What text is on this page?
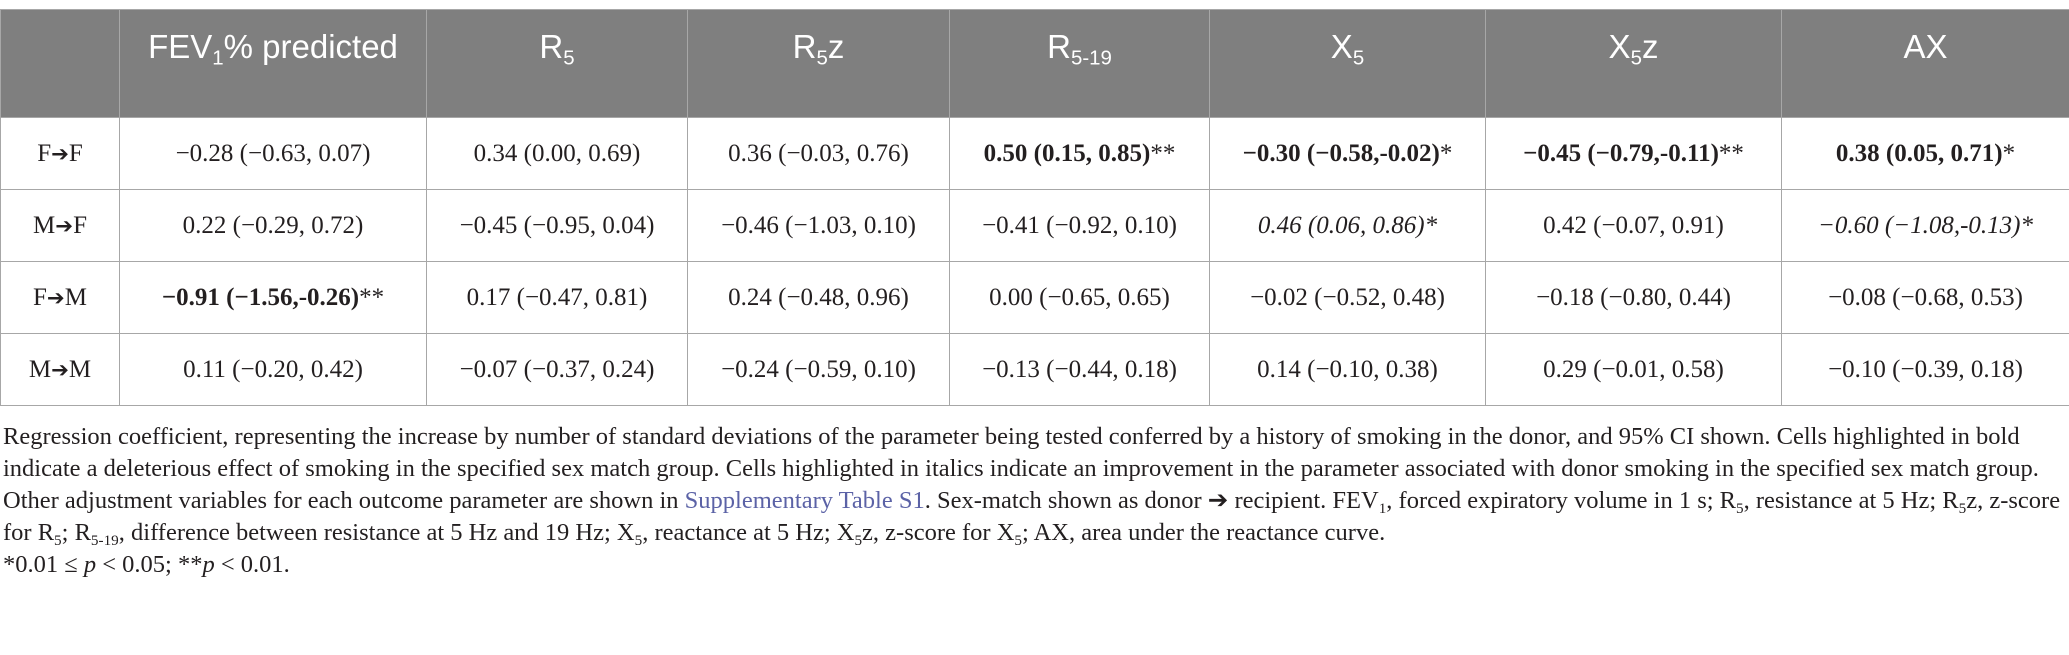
	$FEV_1\%$ predicted	$R_5$	$R_5z$	$R_{5-19}$	$X_5$	$X_5z$	AX
F➔F	−0.28 (−0.63, 0.07)	0.34 (0.00, 0.69)	0.36 (−0.03, 0.76)	0.50 (0.15, 0.85)**	−0.30 (−0.58,-0.02)*	−0.45 (−0.79,-0.11)**	0.38 (0.05, 0.71)*
M➔F	0.22 (−0.29, 0.72)	−0.45 (−0.95, 0.04)	−0.46 (−1.03, 0.10)	−0.41 (−0.92, 0.10)	0.46 (0.06, 0.86)*	0.42 (−0.07, 0.91)	−0.60 (−1.08,-0.13)*
F➔M	−0.91 (−1.56,-0.26)**	0.17 (−0.47, 0.81)	0.24 (−0.48, 0.96)	0.00 (−0.65, 0.65)	−0.02 (−0.52, 0.48)	−0.18 (−0.80, 0.44)	−0.08 (−0.68, 0.53)
M➔M	0.11 (−0.20, 0.42)	−0.07 (−0.37, 0.24)	−0.24 (−0.59, 0.10)	−0.13 (−0.44, 0.18)	0.14 (−0.10, 0.38)	0.29 (−0.01, 0.58)	−0.10 (−0.39, 0.18)

Regression coefficient, representing the increase by number of standard deviations of the parameter being tested conferred by a history of smoking in the donor, and 95% CI shown. Cells highlighted in bold indicate a deleterious effect of smoking in the specified sex match group. Cells highlighted in italics indicate an improvement in the parameter associated with donor smoking in the specified sex match group. Other adjustment variables for each outcome parameter are shown in Supplementary Table S1. Sex-match shown as donor ➔ recipient. $FEV_1$, forced expiratory volume in 1 s; $R_5$, resistance at 5 Hz; $R_5z$, z-score for $R_5$; $R_{5-19}$, difference between resistance at 5 Hz and 19 Hz; $X_5$, reactance at 5 Hz; $X_5z$, z-score for $X_5$; AX, area under the reactance curve.

*0.01 ≤ p < 0.05; **p < 0.01.
